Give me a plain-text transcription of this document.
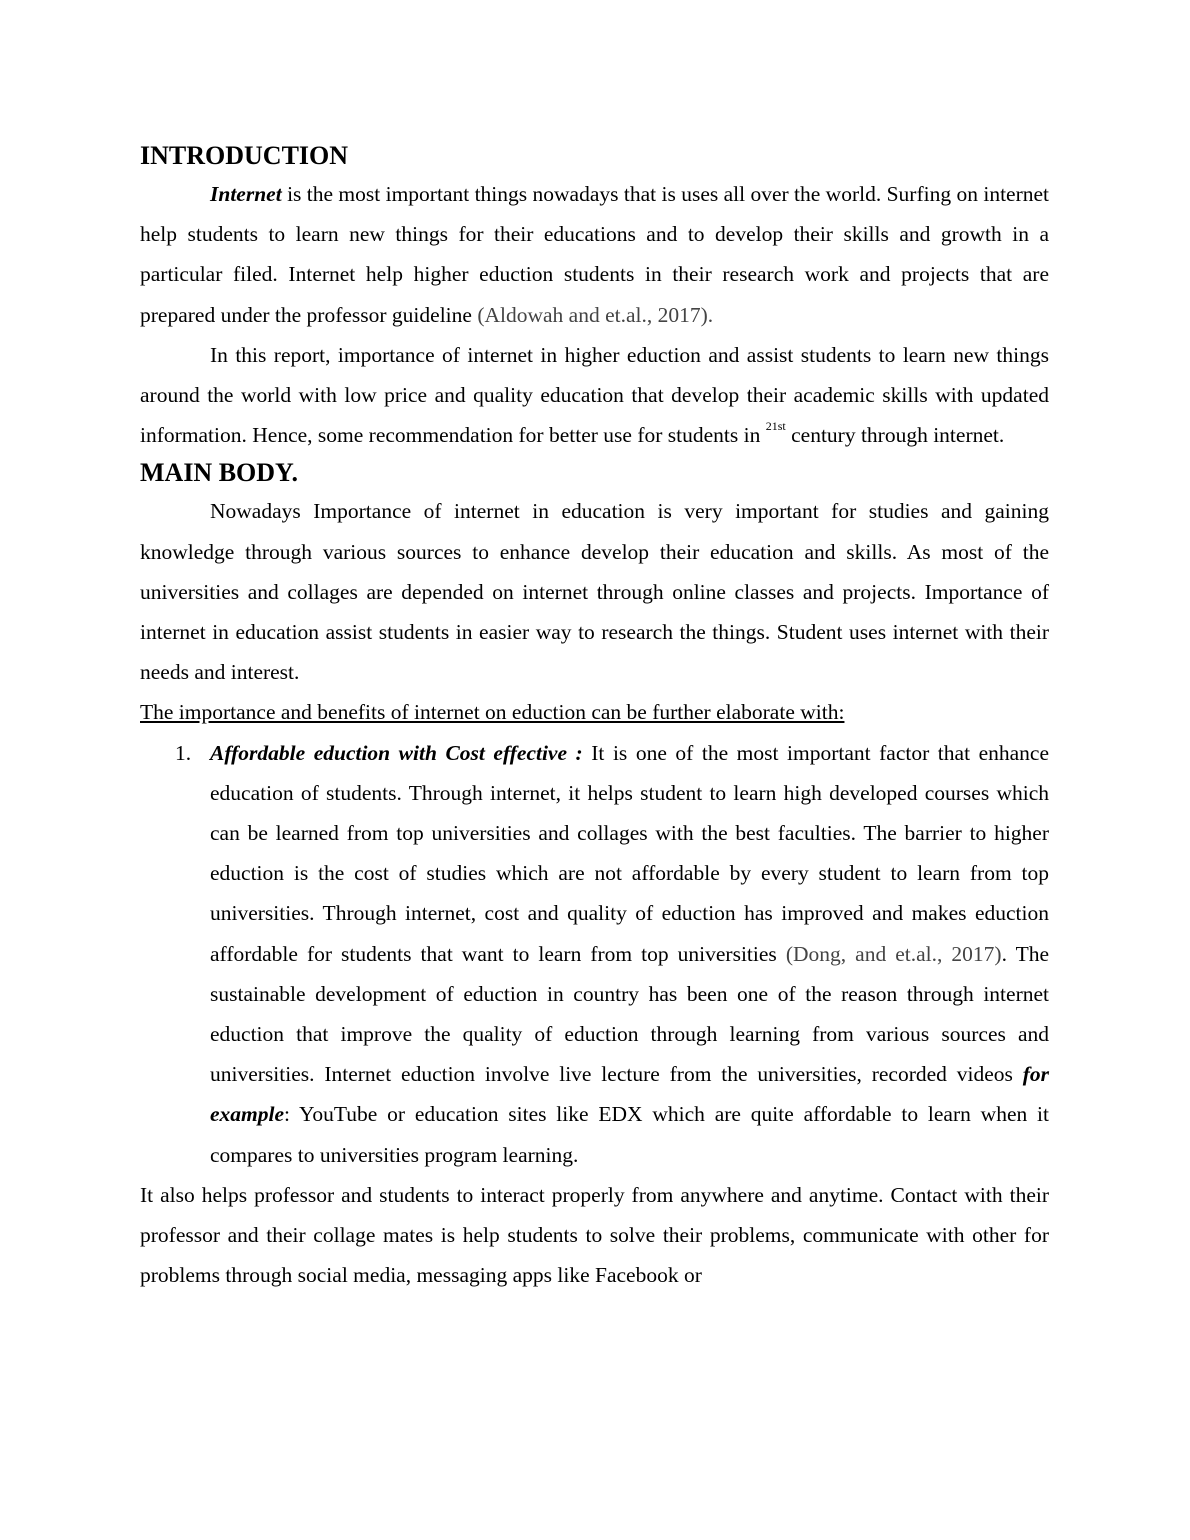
INTRODUCTION

Internet is the most important things nowadays that is uses all over the world. Surfing on internet help students to learn new things for their educations and to develop their skills and growth in a particular filed. Internet help higher eduction students in their research work and projects that are prepared under the professor guideline (Aldowah and et.al., 2017).

In this report, importance of internet in higher eduction and assist students to learn new things around the world with low price and quality education that develop their academic skills with updated information. Hence, some recommendation for better use for students in $^{21st}$ century through internet.

MAIN BODY.

Nowadays Importance of internet in education is very important for studies and gaining knowledge through various sources to enhance develop their education and skills. As most of the universities and collages are depended on internet through online classes and projects. Importance of internet in education assist students in easier way to research the things. Student uses internet with their needs and interest.

The importance and benefits of internet on eduction can be further elaborate with:

1. Affordable eduction with Cost effective : It is one of the most important factor that enhance education of students. Through internet, it helps student to learn high developed courses which can be learned from top universities and collages with the best faculties. The barrier to higher eduction is the cost of studies which are not affordable by every student to learn from top universities. Through internet, cost and quality of eduction has improved and makes eduction affordable for students that want to learn from top universities (Dong, and et.al., 2017). The sustainable development of eduction in country has been one of the reason through internet eduction that improve the quality of eduction through learning from various sources and universities. Internet eduction involve live lecture from the universities, recorded videos for example: YouTube or education sites like EDX which are quite affordable to learn when it compares to universities program learning.

It also helps professor and students to interact properly from anywhere and anytime. Contact with their professor and their collage mates is help students to solve their problems, communicate with other for problems through social media, messaging apps like Facebook or
